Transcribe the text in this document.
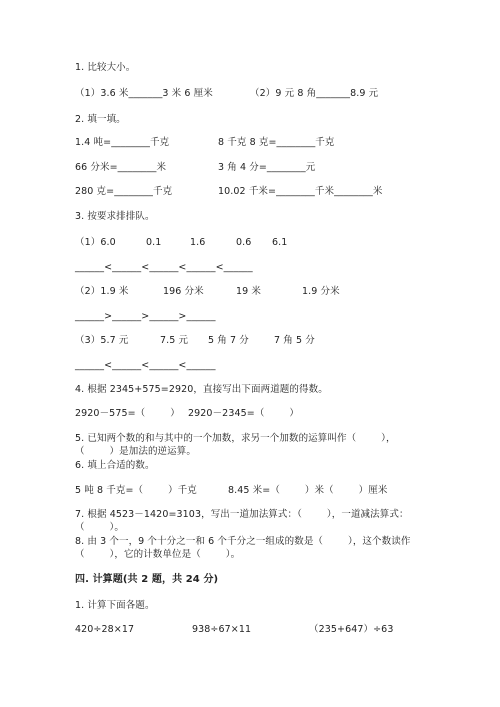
1. 比较大小。
（1）3.6 米_______3 米 6 厘米	（2）9 元 8 角_______8.9 元
2. 填一填。
1.4 吨=________千克	8 千克 8 克=________千克
66 分米=________米	3 角 4 分=________元
280 克=________千克	10.02 千米=________千米________米
3. 按要求排排队。
（1）6.0	0.1	1.6	0.6 6.1
______<______<______<______<______
（2）1.9 米	196 分米	19 米	1.9 分米
______>______>______>______
（3）5.7 元	7.5 元 5 角 7 分	7 角 5 分
______<______<______<______
4. 根据 2345+575=2920，直接写出下面两道题的得数。
2920－575=（        ） 2920－2345=（        ）
5. 已知两个数的和与其中的一个加数，求另一个加数的运算叫作（        ），
（        ）是加法的逆运算。
6. 填上合适的数。
5 吨 8 千克=（        ）千克	8.45 米=（        ）米（        ）厘米
7. 根据 4523－1420=3103，写出一道加法算式：（        ），一道减法算式：
（        ）。
8. 由 3 个一，9 个十分之一和 6 个千分之一组成的数是（        ），这个数读作
（        ），它的计数单位是（        ）。
四. 计算题(共 2 题，共 24 分)
1. 计算下面各题。
420÷28×17	938÷67×11	（235+647）÷63
